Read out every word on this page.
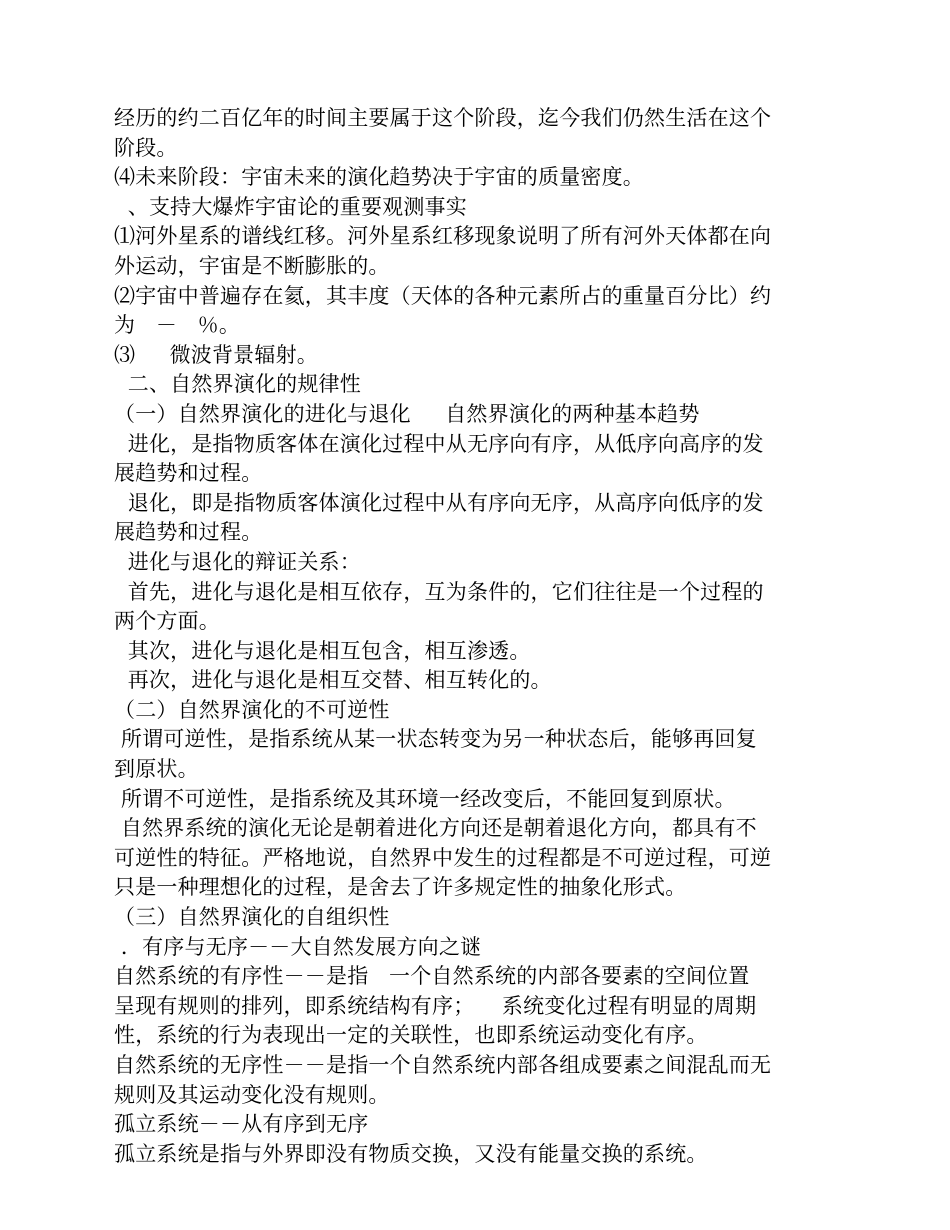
经历的约二百亿年的时间主要属于这个阶段，迄今我们仍然生活在这个
阶段。
⑷未来阶段：宇宙未来的演化趋势决于宇宙的质量密度。
、支持大爆炸宇宙论的重要观测事实
⑴河外星系的谱线红移。河外星系红移现象说明了所有河外天体都在向
外运动，宇宙是不断膨胀的。
⑵宇宙中普遍存在氦，其丰度（天体的各种元素所占的重量百分比）约
为   －   ％。
⑶     微波背景辐射。
二、自然界演化的规律性
（一）自然界演化的进化与退化     自然界演化的两种基本趋势
进化，是指物质客体在演化过程中从无序向有序，从低序向高序的发
展趋势和过程。
退化，即是指物质客体演化过程中从有序向无序，从高序向低序的发
展趋势和过程。
进化与退化的辩证关系：
首先，进化与退化是相互依存，互为条件的，它们往往是一个过程的
两个方面。
其次，进化与退化是相互包含，相互渗透。
再次，进化与退化是相互交替、相互转化的。
（二）自然界演化的不可逆性
所谓可逆性，是指系统从某一状态转变为另一种状态后，能够再回复
到原状。
所谓不可逆性，是指系统及其环境一经改变后，不能回复到原状。
自然界系统的演化无论是朝着进化方向还是朝着退化方向，都具有不
可逆性的特征。严格地说，自然界中发生的过程都是不可逆过程，可逆
只是一种理想化的过程，是舍去了许多规定性的抽象化形式。
（三）自然界演化的自组织性
．有序与无序－－大自然发展方向之谜
自然系统的有序性－－是指   一个自然系统的内部各要素的空间位置
呈现有规则的排列，即系统结构有序；    系统变化过程有明显的周期
性，系统的行为表现出一定的关联性，也即系统运动变化有序。
自然系统的无序性－－是指一个自然系统内部各组成要素之间混乱而无
规则及其运动变化没有规则。
孤立系统－－从有序到无序
孤立系统是指与外界即没有物质交换，又没有能量交换的系统。
